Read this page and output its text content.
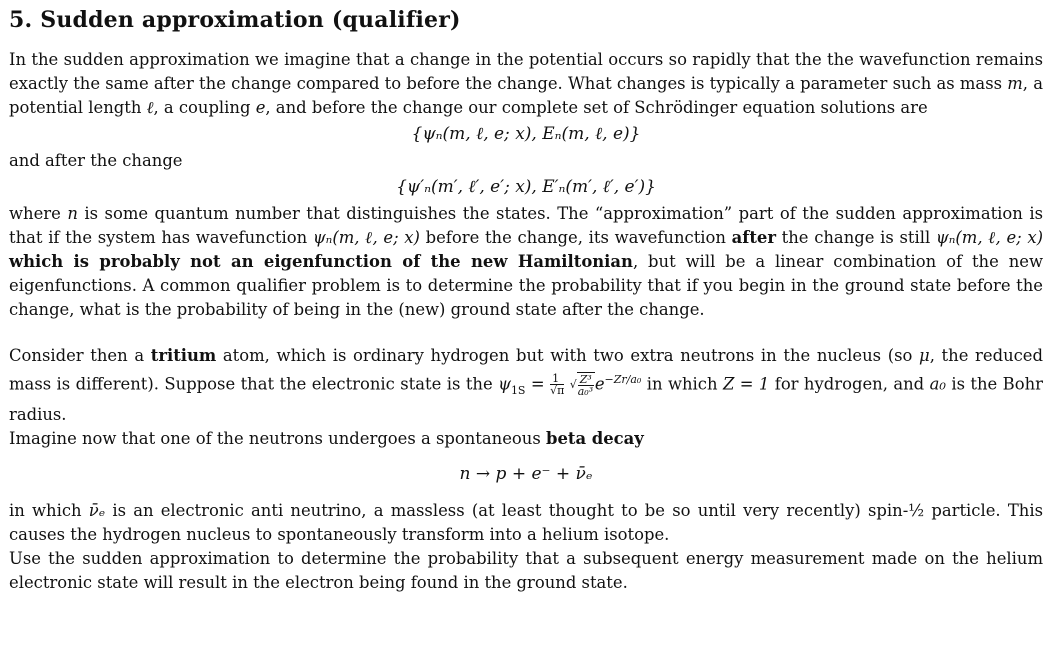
5. Sudden approximation (qualifier)

In the sudden approximation we imagine that a change in the potential occurs so rapidly that the the wavefunction remains exactly the same after the change compared to before the change. What changes is typically a parameter such as mass m, a potential length ℓ, a coupling e, and before the change our complete set of Schrödinger equation solutions are

{ψₙ(m, ℓ, e; x), Eₙ(m, ℓ, e)}

and after the change

{ψ′ₙ(m′, ℓ′, e′; x), E′ₙ(m′, ℓ′, e′)}

where n is some quantum number that distinguishes the states. The “approximation” part of the sudden approximation is that if the system has wavefunction ψₙ(m, ℓ, e; x) before the change, its wavefunction after the change is still ψₙ(m, ℓ, e; x) which is probably not an eigenfunction of the new Hamiltonian, but will be a linear combination of the new eigenfunctions. A common qualifier problem is to determine the probability that if you begin in the ground state before the change, what is the probability of being in the (new) ground state after the change.

Consider then a tritium atom, which is ordinary hydrogen but with two extra neutrons in the nucleus (so μ, the reduced mass is different). Suppose that the electronic state is the $\psi_{1S} = \frac{1}{√\pi}$ √ $\frac{\text{Z³}}{\text{a₀³}} e^{-Zr/a_0}$ in which Z = 1 for hydrogen, and a₀ is the Bohr radius.

Imagine now that one of the neutrons undergoes a spontaneous beta decay

n → p + e⁻ + ν̄ₑ

in which ν̄ₑ is an electronic anti neutrino, a massless (at least thought to be so until very recently) spin-½ particle. This causes the hydrogen nucleus to spontaneously transform into a helium isotope.

Use the sudden approximation to determine the probability that a subsequent energy measurement made on the helium electronic state will result in the electron being found in the ground state.
